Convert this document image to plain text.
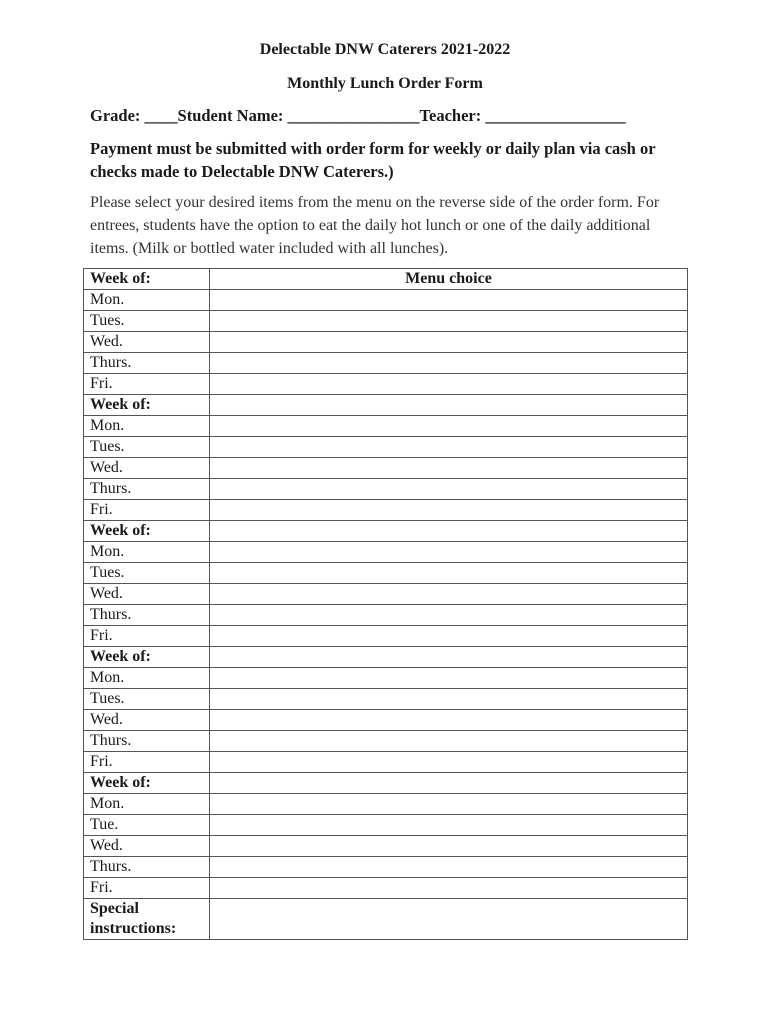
Delectable DNW Caterers 2021-2022
Monthly Lunch Order Form
Grade: ____Student Name: ________________Teacher: _________________
Payment must be submitted with order form for weekly or daily plan via cash or checks made to Delectable DNW Caterers.)
Please select your desired items from the menu on the reverse side of the order form. For entrees, students have the option to eat the daily hot lunch or one of the daily additional items. (Milk or bottled water included with all lunches).
Week of:	Menu choice
Mon.	
Tues.	
Wed.	
Thurs.	
Fri.	
Week of:	
Mon.	
Tues.	
Wed.	
Thurs.	
Fri.	
Week of:	
Mon.	
Tues.	
Wed.	
Thurs.	
Fri.	
Week of:	
Mon.	
Tues.	
Wed.	
Thurs.	
Fri.	
Week of:	
Mon.	
Tue.	
Wed.	
Thurs.	
Fri.	
Special instructions:	
